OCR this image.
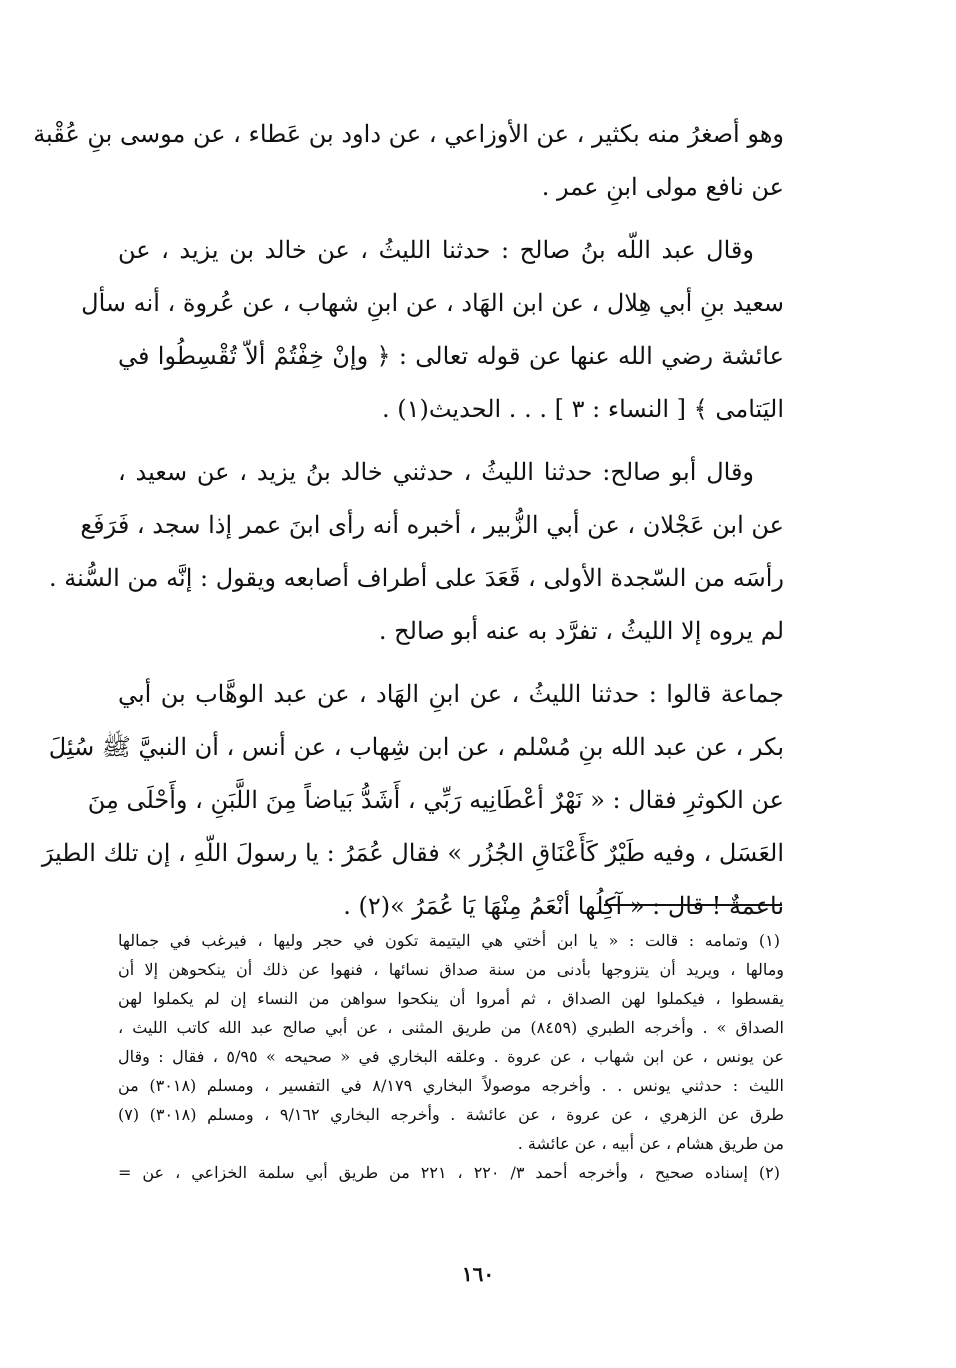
وهو أصغرُ منه بكثير ، عن الأوزاعي ، عن داود بن عَطاء ، عن موسى بنِ عُقْبة
عن نافع مولى ابنِ عمر .
وقال عبد اللّه بنُ صالح : حدثنا الليثُ ، عن خالد بن يزيد ، عن
سعيد بنِ أبي هِلال ، عن ابن الهَاد ، عن ابنِ شهاب ، عن عُروة ، أنه سأل
عائشة رضي الله عنها عن قوله تعالى : ﴿ وإنْ خِفْتُمْ ألاّ تُقْسِطُوا في
اليَتامى ﴾ [ النساء : ٣ ] . . . الحديث(١) .
وقال أبو صالح: حدثنا الليثُ ، حدثني خالد بنُ يزيد ، عن سعيد ،
عن ابن عَجْلان ، عن أبي الزُّبير ، أخبره أنه رأى ابنَ عمر إذا سجد ، فَرَفَع
رأسَه من السّجدة الأولى ، قَعَدَ على أطراف أصابعه ويقول : إنَّه من السُّنة .
لم يروه إلا الليثُ ، تفرَّد به عنه أبو صالح .
جماعة قالوا : حدثنا الليثُ ، عن ابنِ الهَاد ، عن عبد الوهَّاب بن أبي
بكر ، عن عبد الله بنِ مُسْلم ، عن ابن شِهاب ، عن أنس ، أن النبيَّ ﷺ سُئِلَ
عن الكوثرِ فقال : « نَهْرٌ أعْطَانِيه رَبِّي ، أَشَدُّ بَياضاً مِنَ اللَّبَنِ ، وأَحْلَى مِنَ
العَسَل ، وفيه طَيْرٌ كَأَعْنَاقِ الجُزُر » فقال عُمَرُ : يا رسولَ اللّهِ ، إن تلك الطيرَ
ناعمةٌ ! قال : « آكِلُها أنْعَمُ مِنْهَا يَا عُمَرُ »(٢) .
(١) وتمامه : قالت : « يا ابن أختي هي اليتيمة تكون في حجر وليها ، فيرغب في جمالها
ومالها ، ويريد أن يتزوجها بأدنى من سنة صداق نسائها ، فنهوا عن ذلك أن ينكحوهن إلا أن
يقسطوا ، فيكملوا لهن الصداق ، ثم أمروا أن ينكحوا سواهن من النساء إن لم يكملوا لهن
الصداق » . وأخرجه الطبري (٨٤٥٩) من طريق المثنى ، عن أبي صالح عبد الله كاتب الليث ،
عن يونس ، عن ابن شهاب ، عن عروة . وعلقه البخاري في « صحيحه » ٥/٩٥ ، فقال : وقال
الليث : حدثني يونس . . وأخرجه موصولاً البخاري ٨/١٧٩ في التفسير ، ومسلم (٣٠١٨) من
طرق عن الزهري ، عن عروة ، عن عائشة . وأخرجه البخاري ٩/١٦٢ ، ومسلم (٣٠١٨) (٧)
من طريق هشام ، عن أبيه ، عن عائشة .
(٢) إسناده صحيح ، وأخرجه أحمد ٣/ ٢٢٠ ، ٢٢١ من طريق أبي سلمة الخزاعي ، عن =
١٦٠
